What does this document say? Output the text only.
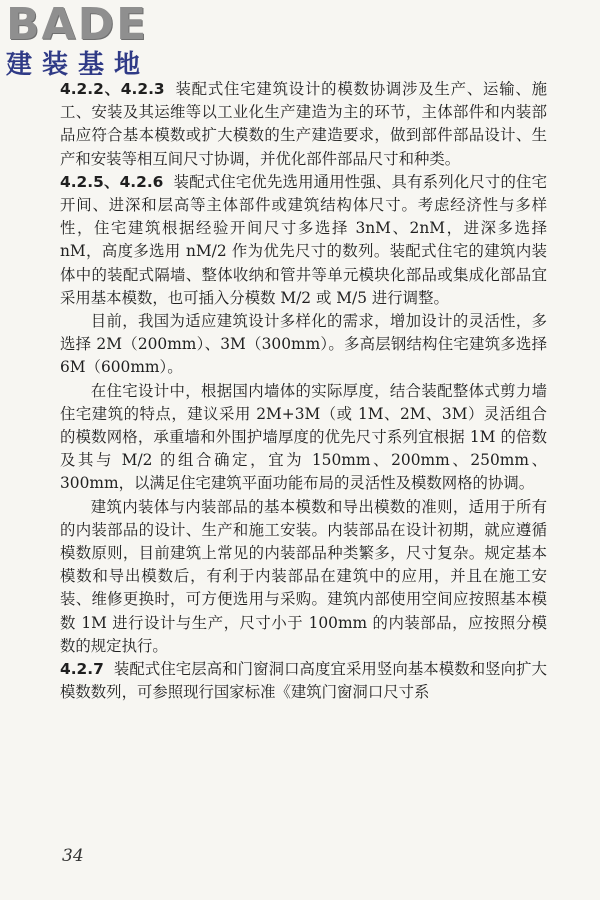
BADE
建装基地

4.2.2、4.2.3 装配式住宅建筑设计的模数协调涉及生产、运输、施工、安装及其运维等以工业化生产建造为主的环节，主体部件和内装部品应符合基本模数或扩大模数的生产建造要求，做到部件部品设计、生产和安装等相互间尺寸协调，并优化部件部品尺寸和种类。

4.2.5、4.2.6 装配式住宅优先选用通用性强、具有系列化尺寸的住宅开间、进深和层高等主体部件或建筑结构体尺寸。考虑经济性与多样性，住宅建筑根据经验开间尺寸多选择 3nM、2nM，进深多选择 nM，高度多选用 nM/2 作为优先尺寸的数列。装配式住宅的建筑内装体中的装配式隔墙、整体收纳和管井等单元模块化部品或集成化部品宜采用基本模数，也可插入分模数 M/2 或 M/5 进行调整。

目前，我国为适应建筑设计多样化的需求，增加设计的灵活性，多选择 2M（200mm）、3M（300mm）。多高层钢结构住宅建筑多选择 6M（600mm）。

在住宅设计中，根据国内墙体的实际厚度，结合装配整体式剪力墙住宅建筑的特点，建议采用 2M+3M（或 1M、2M、3M）灵活组合的模数网格，承重墙和外围护墙厚度的优先尺寸系列宜根据 1M 的倍数及其与 M/2 的组合确定，宜为 150mm、200mm、250mm、300mm，以满足住宅建筑平面功能布局的灵活性及模数网格的协调。

建筑内装体与内装部品的基本模数和导出模数的准则，适用于所有的内装部品的设计、生产和施工安装。内装部品在设计初期，就应遵循模数原则，目前建筑上常见的内装部品种类繁多，尺寸复杂。规定基本模数和导出模数后，有利于内装部品在建筑中的应用，并且在施工安装、维修更换时，可方便选用与采购。建筑内部使用空间应按照基本模数 1M 进行设计与生产，尺寸小于 100mm 的内装部品，应按照分模数的规定执行。

4.2.7 装配式住宅层高和门窗洞口高度宜采用竖向基本模数和竖向扩大模数数列，可参照现行国家标准《建筑门窗洞口尺寸系

34
